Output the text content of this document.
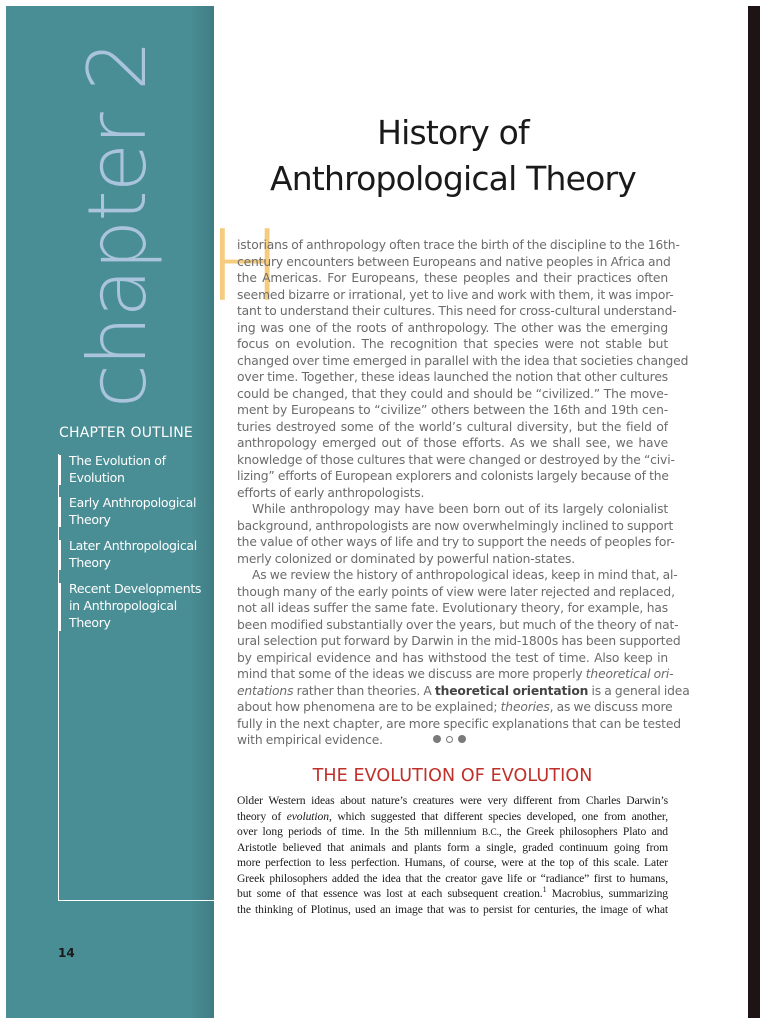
chapter 2
CHAPTER OUTLINE
The Evolution of Evolution
Early Anthropological Theory
Later Anthropological Theory
Recent Developments in Anthropological Theory
14
History of
Anthropological Theory
H
istorians of anthropology often trace the birth of the discipline to the 16th-
century encounters between Europeans and native peoples in Africa and
the Americas. For Europeans, these peoples and their practices often
seemed bizarre or irrational, yet to live and work with them, it was impor-
tant to understand their cultures. This need for cross-cultural understand-
ing was one of the roots of anthropology. The other was the emerging
focus on evolution. The recognition that species were not stable but
changed over time emerged in parallel with the idea that societies changed
over time. Together, these ideas launched the notion that other cultures
could be changed, that they could and should be “civilized.” The move-
ment by Europeans to “civilize” others between the 16th and 19th cen-
turies destroyed some of the world’s cultural diversity, but the field of
anthropology emerged out of those efforts. As we shall see, we have
knowledge of those cultures that were changed or destroyed by the “civi-
lizing” efforts of European explorers and colonists largely because of the
efforts of early anthropologists.
While anthropology may have been born out of its largely colonialist
background, anthropologists are now overwhelmingly inclined to support
the value of other ways of life and try to support the needs of peoples for-
merly colonized or dominated by powerful nation-states.
As we review the history of anthropological ideas, keep in mind that, al-
though many of the early points of view were later rejected and replaced,
not all ideas suffer the same fate. Evolutionary theory, for example, has
been modified substantially over the years, but much of the theory of nat-
ural selection put forward by Darwin in the mid-1800s has been supported
by empirical evidence and has withstood the test of time. Also keep in
mind that some of the ideas we discuss are more properly theoretical ori-
entations rather than theories. A theoretical orientation is a general idea
about how phenomena are to be explained; theories, as we discuss more
fully in the next chapter, are more specific explanations that can be tested
with empirical evidence.
THE EVOLUTION OF EVOLUTION
Older Western ideas about nature’s creatures were very different from Charles Darwin’s
theory of evolution, which suggested that different species developed, one from another,
over long periods of time. In the 5th millennium B.C., the Greek philosophers Plato and
Aristotle believed that animals and plants form a single, graded continuum going from
more perfection to less perfection. Humans, of course, were at the top of this scale. Later
Greek philosophers added the idea that the creator gave life or “radiance” first to humans,
but some of that essence was lost at each subsequent creation.$^1$ Macrobius, summarizing
the thinking of Plotinus, used an image that was to persist for centuries, the image of what
